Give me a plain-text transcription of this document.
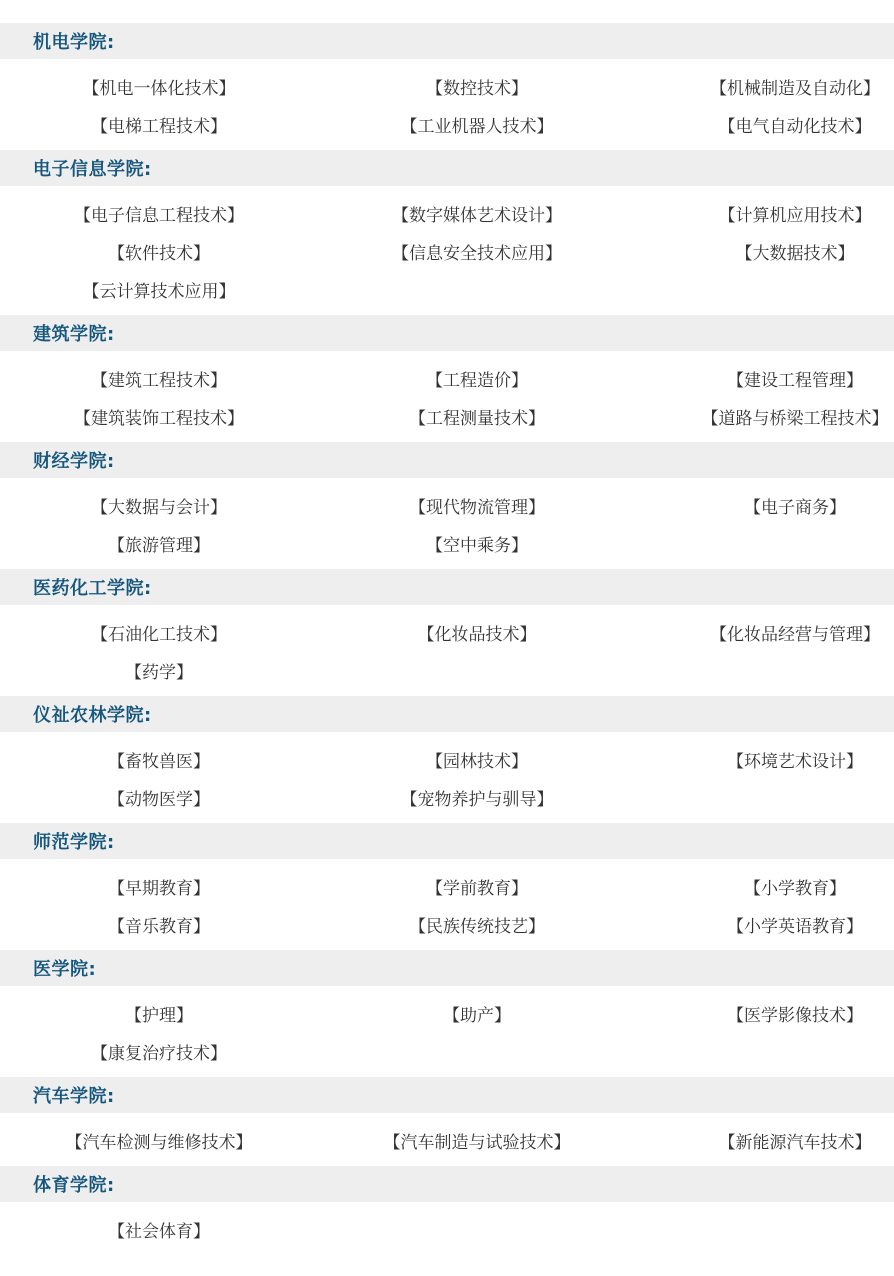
机电学院:
【机电一体化技术】	【数控技术】	【机械制造及自动化】
【电梯工程技术】	【工业机器人技术】	【电气自动化技术】
电子信息学院:
【电子信息工程技术】	【数字媒体艺术设计】	【计算机应用技术】
【软件技术】	【信息安全技术应用】	【大数据技术】
【云计算技术应用】
建筑学院:
【建筑工程技术】	【工程造价】	【建设工程管理】
【建筑装饰工程技术】	【工程测量技术】	【道路与桥梁工程技术】
财经学院:
【大数据与会计】	【现代物流管理】	【电子商务】
【旅游管理】	【空中乘务】
医药化工学院:
【石油化工技术】	【化妆品技术】	【化妆品经营与管理】
【药学】
仪祉农林学院:
【畜牧兽医】	【园林技术】	【环境艺术设计】
【动物医学】	【宠物养护与驯导】
师范学院:
【早期教育】	【学前教育】	【小学教育】
【音乐教育】	【民族传统技艺】	【小学英语教育】
医学院:
【护理】	【助产】	【医学影像技术】
【康复治疗技术】
汽车学院:
【汽车检测与维修技术】	【汽车制造与试验技术】	【新能源汽车技术】
体育学院:
【社会体育】
